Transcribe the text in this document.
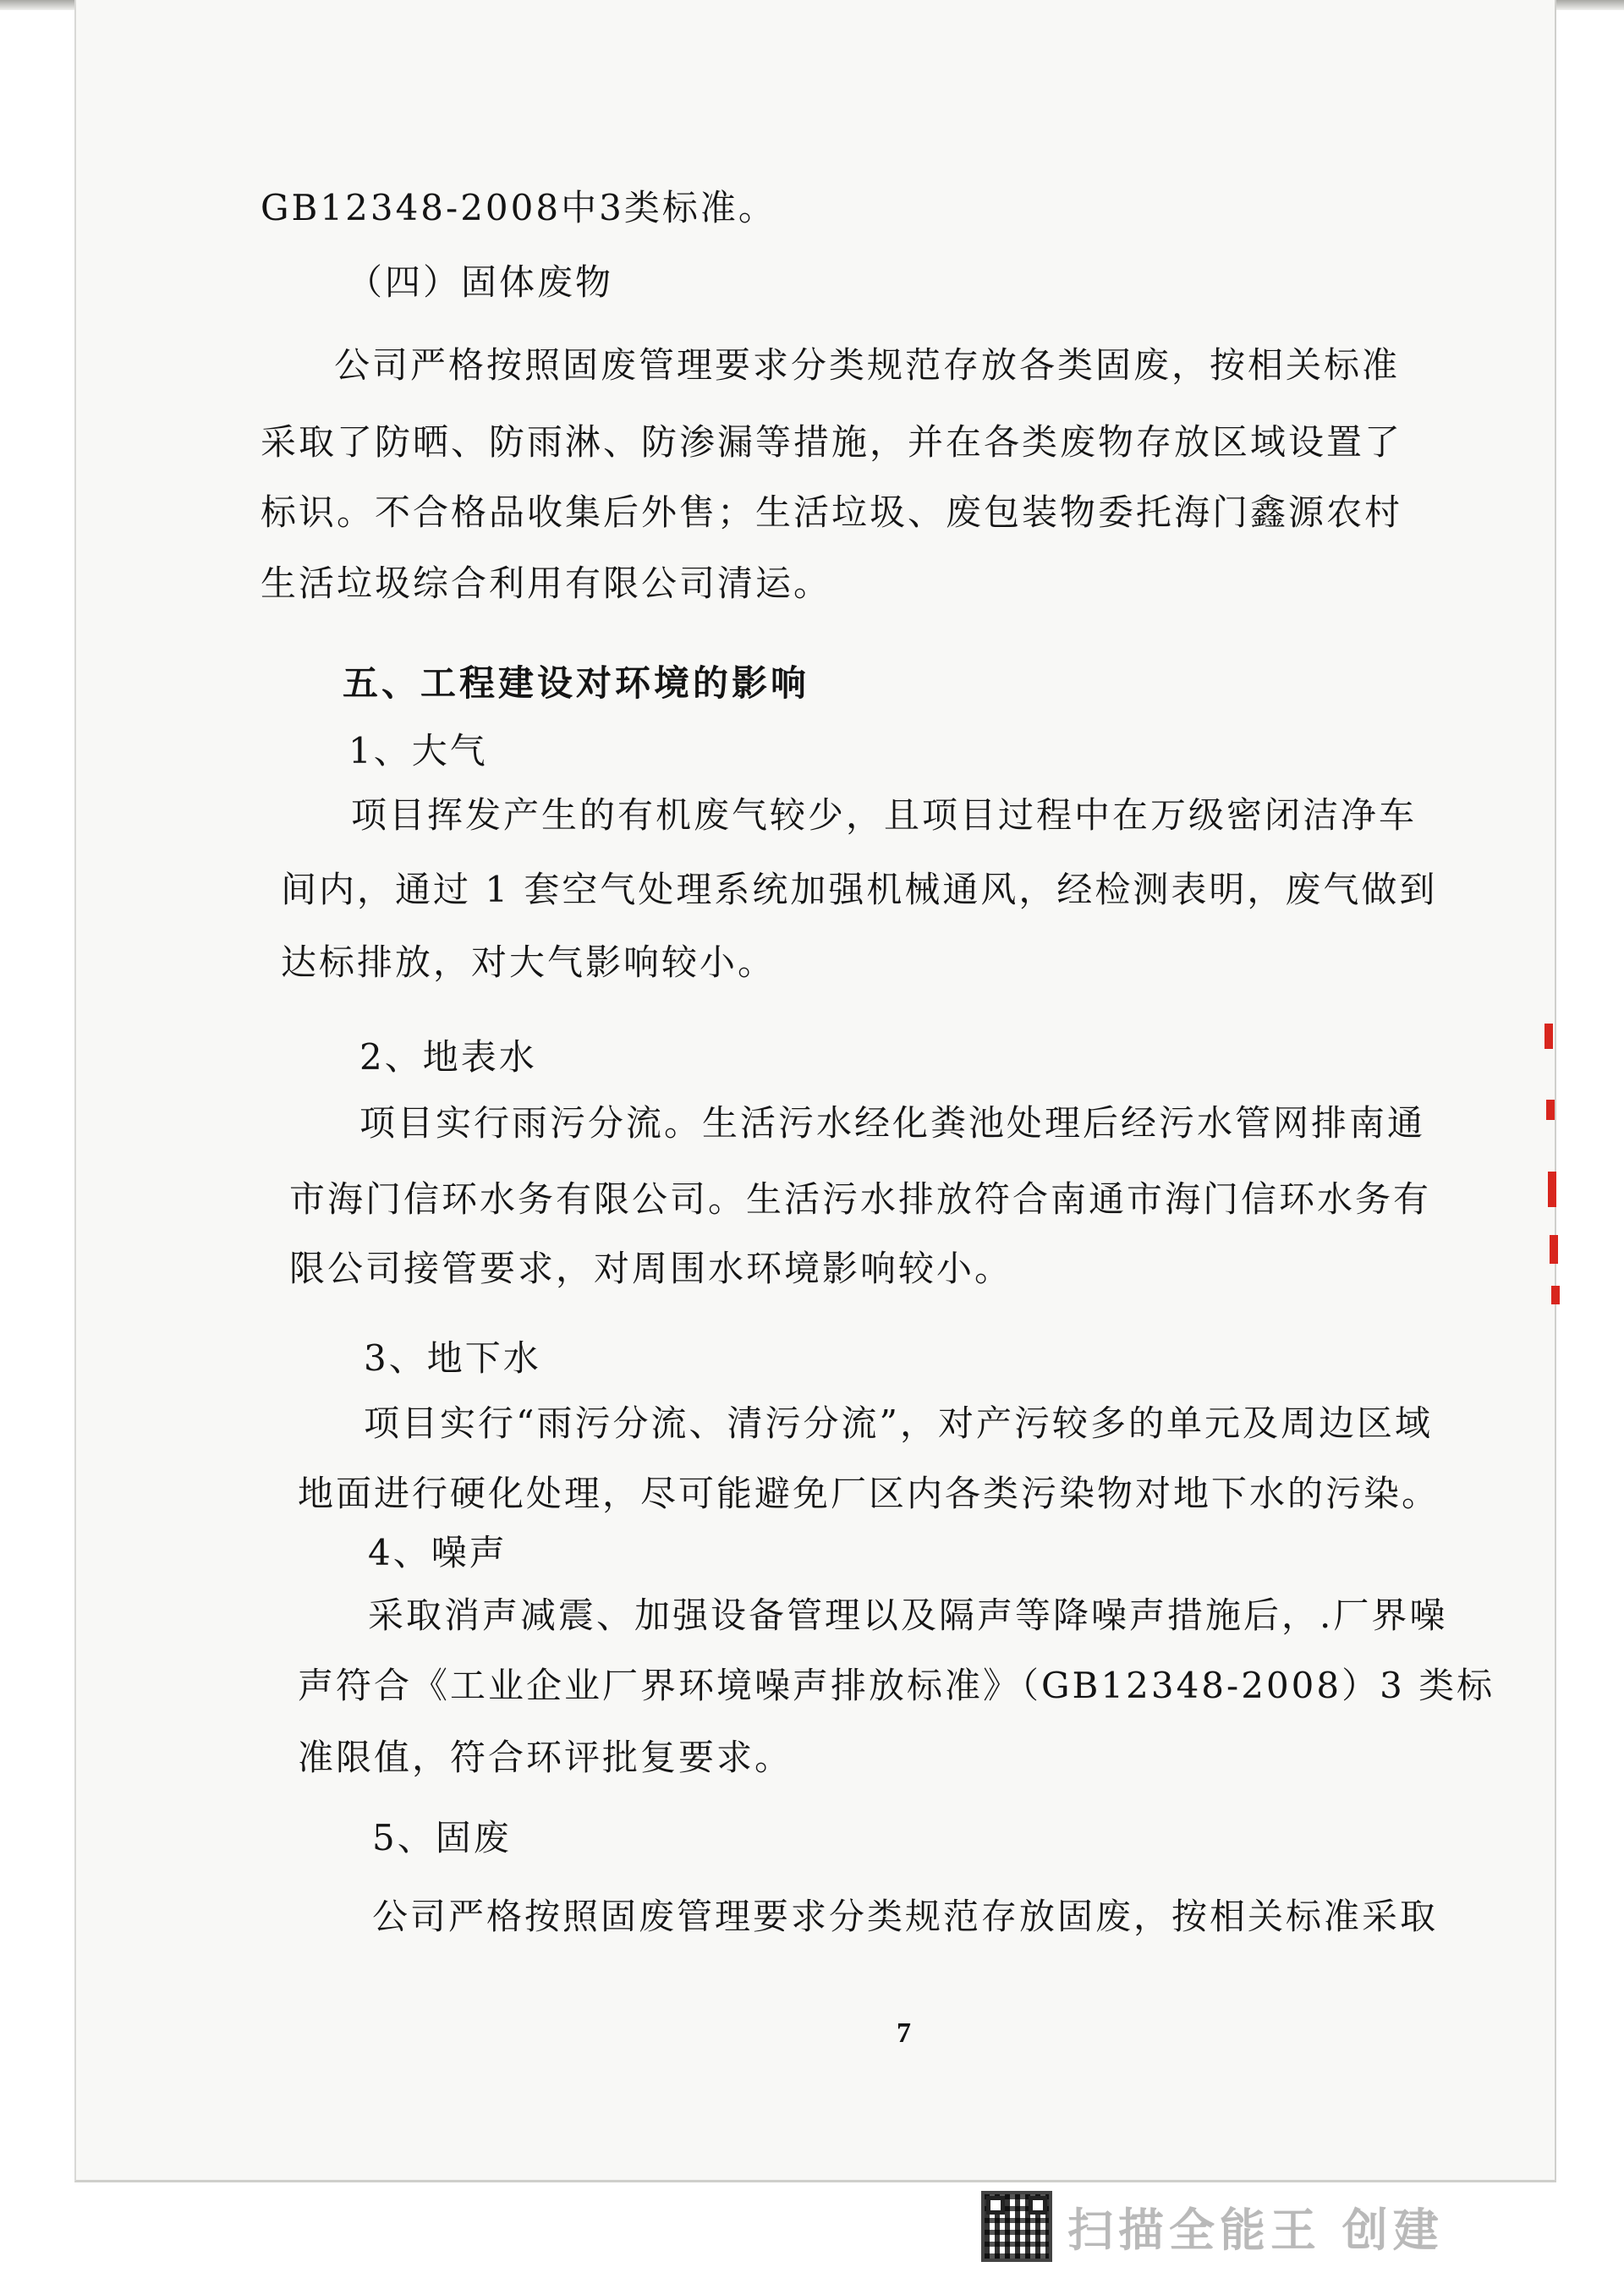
GB12348-2008中3类标准。
（四）固体废物
公司严格按照固废管理要求分类规范存放各类固废，按相关标准
采取了防晒、防雨淋、防渗漏等措施，并在各类废物存放区域设置了
标识。不合格品收集后外售；生活垃圾、废包装物委托海门鑫源农村
生活垃圾综合利用有限公司清运。
五、工程建设对环境的影响
1、大气
项目挥发产生的有机废气较少，且项目过程中在万级密闭洁净车
间内，通过 1 套空气处理系统加强机械通风，经检测表明，废气做到
达标排放，对大气影响较小。
2、地表水
项目实行雨污分流。生活污水经化粪池处理后经污水管网排南通
市海门信环水务有限公司。生活污水排放符合南通市海门信环水务有
限公司接管要求，对周围水环境影响较小。
3、地下水
项目实行“雨污分流、清污分流”，对产污较多的单元及周边区域
地面进行硬化处理，尽可能避免厂区内各类污染物对地下水的污染。
4、噪声
采取消声减震、加强设备管理以及隔声等降噪声措施后，.厂界噪
声符合《工业企业厂界环境噪声排放标准》（GB12348-2008）3 类标
准限值，符合环评批复要求。
5、固废
公司严格按照固废管理要求分类规范存放固废，按相关标准采取
7
扫描全能王 创建
